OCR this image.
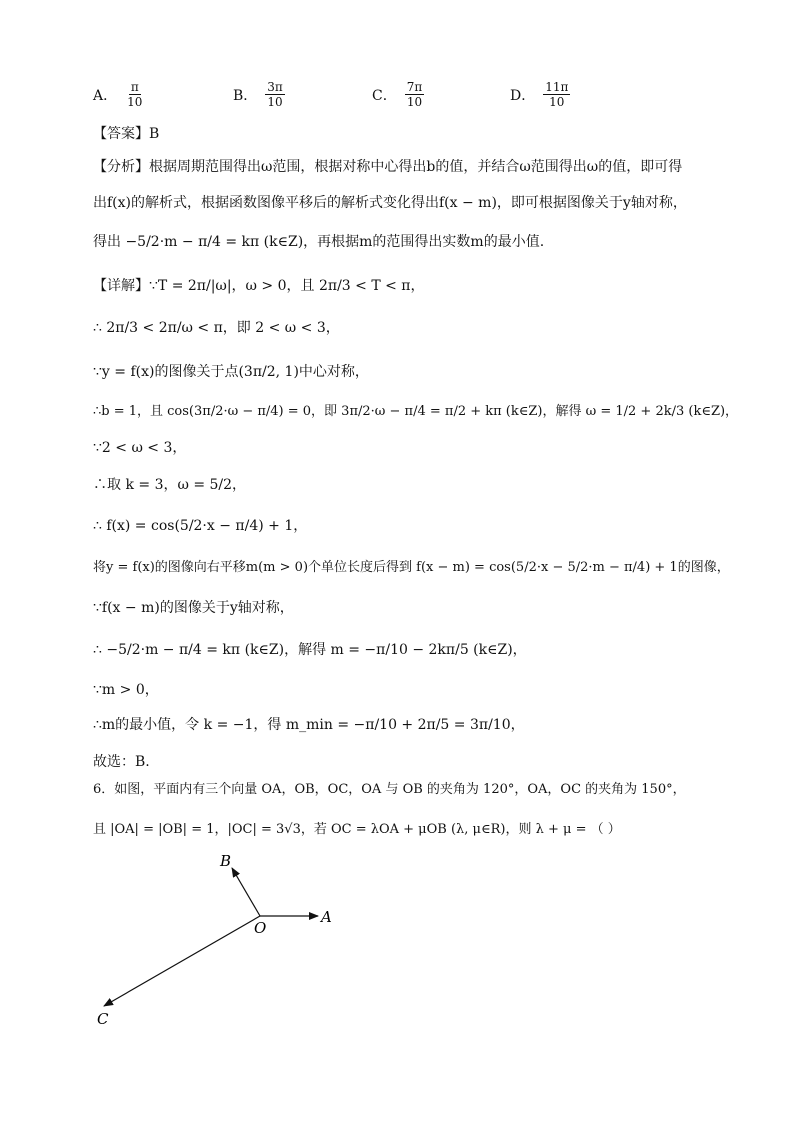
A． $\frac{\pi}{10}$	B． $\frac{3\pi}{10}$	C． $\frac{7\pi}{10}$	D． $\frac{11\pi}{10}$
【答案】B
【分析】根据周期范围得出ω范围，根据对称中心得出b的值，并结合ω范围得出ω的值，即可得
出f(x)的解析式，根据函数图像平移后的解析式变化得出f(x − m)，即可根据图像关于y轴对称，
得出 −5/2·m − π/4 = kπ (k∈Z)，再根据m的范围得出实数m的最小值.
【详解】∵T = 2π/|ω|，ω > 0，且 2π/3 < T < π，
∴ 2π/3 < 2π/ω < π，即 2 < ω < 3，
∵y = f(x)的图像关于点(3π/2, 1)中心对称，
∴b = 1，且 cos(3π/2·ω − π/4) = 0，即 3π/2·ω − π/4 = π/2 + kπ (k∈Z)，解得 ω = 1/2 + 2k/3 (k∈Z)，
∵2 < ω < 3，
∴取 k = 3，ω = 5/2，
∴ f(x) = cos(5/2·x − π/4) + 1，
将y = f(x)的图像向右平移m(m > 0)个单位长度后得到 f(x − m) = cos(5/2·x − 5/2·m − π/4) + 1的图像，
∵f(x − m)的图像关于y轴对称，
∴ −5/2·m − π/4 = kπ (k∈Z)，解得 m = −π/10 − 2kπ/5 (k∈Z)，
∵m > 0，
∴m的最小值，令 k = −1，得 m_min = −π/10 + 2π/5 = 3π/10，
故选：B.
6．如图，平面内有三个向量 OA，OB，OC，OA 与 OB 的夹角为 120°，OA，OC 的夹角为 150°，
且 |OA| = |OB| = 1，|OC| = 3√3，若 OC = λOA + μOB (λ, μ∈R)，则 λ + μ = （ ）
O
A
B
C
